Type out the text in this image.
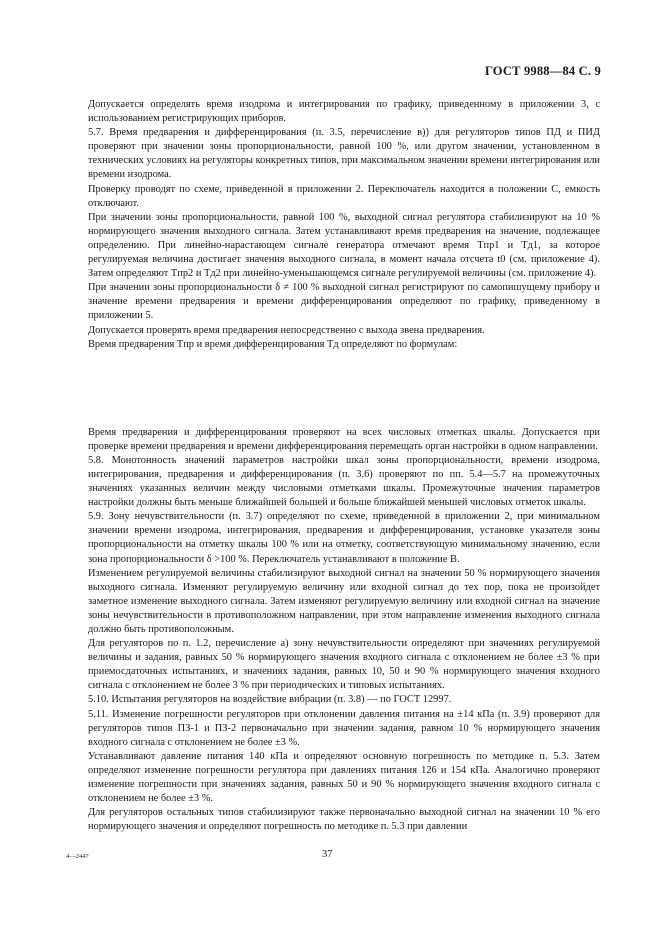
ГОСТ 9988—84 С. 9

Допускается определять время изодрома и интегрирования по графику, приведенному в приложении 3, с использованием регистрирующих приборов.

5.7. Время предварения и дифференцирования (п. 3.5, перечисление в)) для регуляторов типов ПД и ПИД проверяют при значении зоны пропорциональности, равной 100 %, или другом значении, установленном в технических условиях на регуляторы конкретных типов, при максимальном значении времени интегрирования или времени изодрома.

Проверку проводят по схеме, приведенной в приложении 2. Переключатель находится в положении С, емкость отключают.

При значении зоны пропорциональности, равной 100 %, выходной сигнал регулятора стабилизируют на 10 % нормирующего значения выходного сигнала. Затем устанавливают время предварения на значение, подлежащее определению. При линейно-нарастающем сигнале генератора отмечают время Tпр1 и Tд1, за которое регулируемая величина достигает значения выходного сигнала, в момент начала отсчета t0 (см. приложение 4). Затем определяют Tпр2 и Tд2 при линейно-уменьшающемся сигнале регулируемой величины (см. приложение 4).

При значении зоны пропорциональности δ ≠ 100 % выходной сигнал регистрируют по самопишущему прибору и значение времени предварения и времени дифференцирования определяют по графику, приведенному в приложении 5.

Допускается проверять время предварения непосредственно с выхода звена предварения.

Время предварения Tпр и время дифференцирования Tд определяют по формулам:

Время предварения и дифференцирования проверяют на всех числовых отметках шкалы. Допускается при проверке времени предварения и времени дифференцирования перемещать орган настройки в одном направлении.

5.8. Монотонность значений параметров настройки шкал зоны пропорциональности, времени изодрома, интегрирования, предварения и дифференцирования (п. 3.6) проверяют по пп. 5.4—5.7 на промежуточных значениях указанных величин между числовыми отметками шкалы. Промежуточные значения параметров настройки должны быть меньше ближайшей большей и больше ближайшей меньшей числовых отметок шкалы.

5.9. Зону нечувствительности (п. 3.7) определяют по схеме, приведенной в приложении 2, при минимальном значении времени изодрома, интегрирования, предварения и дифференцирования, установке указателя зоны пропорциональности на отметку шкалы 100 % или на отметку, соответствующую минимальному значению, если зона пропорциональности δ >100 %. Переключатель устанавливают в положение В.

Изменением регулируемой величины стабилизируют выходной сигнал на значении 50 % нормирующего значения выходного сигнала. Изменяют регулируемую величину или входной сигнал до тех пор, пока не произойдет заметное изменение выходного сигнала. Затем изменяют регулируемую величину или входной сигнал на значение зоны нечувствительности в противоположном направлении, при этом направление изменения выходного сигнала должно быть противоположным.

Для регуляторов по п. 1.2, перечисление а) зону нечувствительности определяют при значениях регулируемой величины и задания, равных 50 % нормирующего значения входного сигнала с отклонением не более ±3 % при приемосдаточных испытаниях, и значениях задания, равных 10, 50 и 90 % нормирующего значения входного сигнала с отклонением не более 3 % при периодических и типовых испытаниях.

5.10. Испытания регуляторов на воздействие вибрации (п. 3.8) — по ГОСТ 12997.

5.11. Изменение погрешности регуляторов при отклонении давления питания на ±14 кПа (п. 3.9) проверяют для регуляторов типов ПЗ-1 и ПЗ-2 первоначально при значении задания, равном 10 % нормирующего значения входного сигнала с отклонением не более ±3 %.

Устанавливают давление питания 140 кПа и определяют основную погрешность по методике п. 5.3. Затем определяют изменение погрешности регулятора при давлениях питания 126 и 154 кПа. Аналогично проверяют изменение погрешности при значениях задания, равных 50 и 90 % нормирующего значения входного сигнала с отклонением не более ±3 %.

Для регуляторов остальных типов стабилизируют также первоначально выходной сигнал на значении 10 % его нормирующего значения и определяют погрешность по методике п. 5.3 при давлении

4—2447	37
